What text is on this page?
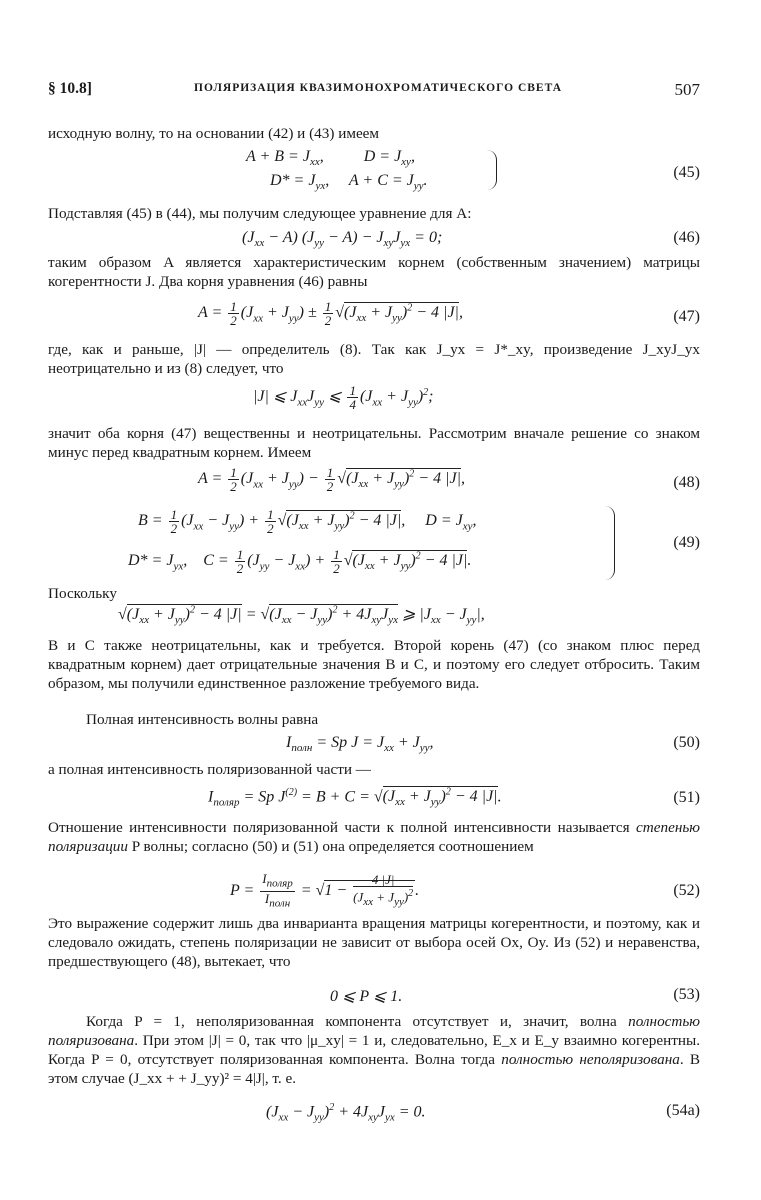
§ 10.8]	ПОЛЯРИЗАЦИЯ КВАЗИМОНОХРОМАТИЧЕСКОГО СВЕТА	507
исходную волну, то на основании (42) и (43) имеем
$A + B = J_{xx}$,          $D = J_{xy}$,
$D* = J_{yx}$,     $A + C = J_{yy}$.	(45)
Подставляя (45) в (44), мы получим следующее уравнение для A:
$(J_{xx} - A) (J_{yy} - A) - J_{xy}J_{yx} = 0$;	(46)
таким образом A является характеристическим корнем (собственным значением) матрицы когерентности J. Два корня уравнения (46) равны
$A = \frac{1}{2} (J_{xx} + J_{yy}) \pm \frac{1}{2} √(J_{xx} + J_{yy})^2 - 4$ |J|,	(47)
где, как и раньше, |J| — определитель (8). Так как J_yx = J*_xy, произведение J_xyJ_yx неотрицательно и из (8) следует, что
|J| ⩽ $J_{xx}J_{yy}$ ⩽ $\frac{1}{4} (J_{xx} + J_{yy})^2$;
значит оба корня (47) вещественны и неотрицательны. Рассмотрим вначале решение со знаком минус перед квадратным корнем. Имеем
$A = \frac{1}{2} (J_{xx} + J_{yy}) - \frac{1}{2} √(J_{xx} + J_{yy})^2 - 4$ |J|,	(48)
$B = \frac{1}{2} (J_{xx} - J_{yy}) + \frac{1}{2} √(J_{xx} + J_{yy})^2 - 4$ |J|,     $D = J_{xy}$,
$D* = J_{yx}$,    $C = \frac{1}{2} (J_{yy} - J_{xx}) + \frac{1}{2} √(J_{xx} + J_{yy})^2 - 4$ |J|.
(49)
Поскольку
$√(J_{xx} + J_{yy})^2 - 4$ $|J| = √(J_{xx} - J_{yy})^2 + 4J_{xy}J_{yx}$ ⩾ $|J_{xx} - J_{yy}|$,
B и C также неотрицательны, как и требуется. Второй корень (47) (со знаком плюс перед квадратным корнем) дает отрицательные значения B и C, и поэтому его следует отбросить. Таким образом, мы получили единственное разложение требуемого вида.
Полная интенсивность волны равна
$I_{полн} = Sp$ $J = J_{xx} + J_{yy}$,	(50)
а полная интенсивность поляризованной части —
$I_{поляр} = Sp$ $J^{(2)} = B + C = √(J_{xx} + J_{yy})^2 - 4$ |J|.	(51)
Отношение интенсивности поляризованной части к полной интенсивности называется степенью поляризации P волны; согласно (50) и (51) она определяется соотношением
P =
$I_{поляр}$
$I_{полн}$
= √1 −
4 |J|
$(J_{xx} + J_{yy})^2$ .	(52)
Это выражение содержит лишь два инварианта вращения матрицы когерентности, и поэтому, как и следовало ожидать, степень поляризации не зависит от выбора осей Ox, Oy. Из (52) и неравенства, предшествующего (48), вытекает, что
0 ⩽ P ⩽ 1.	(53)
Когда P = 1, неполяризованная компонента отсутствует и, значит, волна полностью поляризована. При этом |J| = 0, так что |μ_xy| = 1 и, следовательно, E_x и E_y взаимно когерентны. Когда P = 0, отсутствует поляризованная компонента. Волна тогда полностью неполяризована. В этом случае (J_xx + + J_yy)² = 4|J|, т. е.
$(J_{xx} - J_{yy})^2 + 4J_{xy}J_{yx} = 0$.	(54a)
